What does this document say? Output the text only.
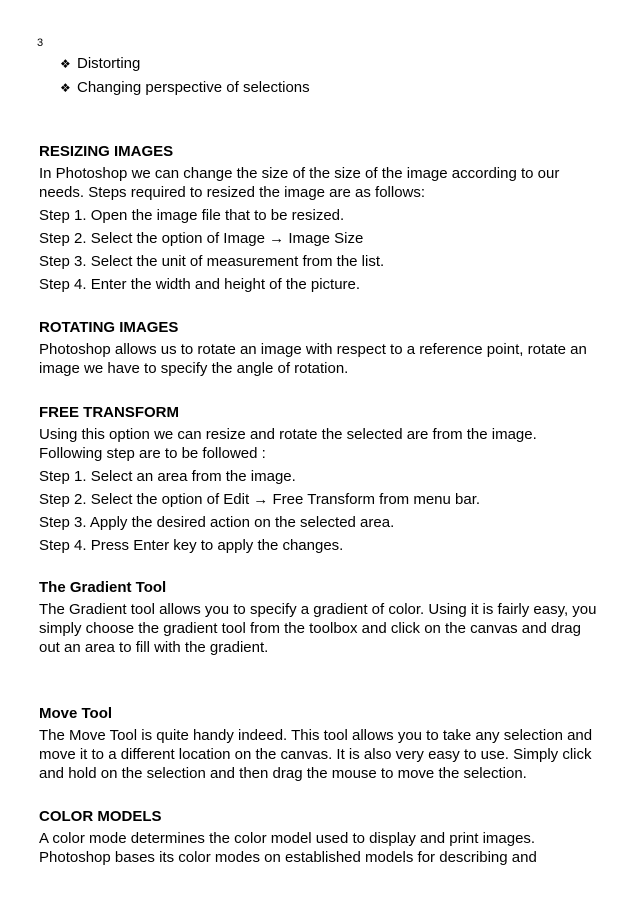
3
❖ Distorting
❖ Changing perspective of selections
RESIZING IMAGES

In Photoshop we can change the size of the size of the image according to our needs. Steps required to resized the image are as follows:

Step 1. Open the image file that to be resized.

Step 2. Select the option of Image → Image Size

Step 3. Select the unit of measurement from the list.

Step 4. Enter the width and height of the picture.

ROTATING IMAGES

Photoshop allows us to rotate an image with respect to a reference point, rotate an image we have to specify the angle of rotation.

FREE TRANSFORM

Using this option we can resize and rotate the selected are from the image. Following step are to be followed :

Step 1. Select an area from the image.

Step 2. Select the option of Edit → Free Transform from menu bar.

Step 3. Apply the desired action on the selected area.

Step 4. Press Enter key to apply the changes.

The Gradient Tool

The Gradient tool allows you to specify a gradient of color. Using it is fairly easy, you simply choose the gradient tool from the toolbox and click on the canvas and drag out an area to fill with the gradient.

Move Tool

The Move Tool is quite handy indeed. This tool allows you to take any selection and move it to a different location on the canvas. It is also very easy to use. Simply click and hold on the selection and then drag the mouse to move the selection.

COLOR MODELS

A color mode determines the color model used to display and print images. Photoshop bases its color modes on established models for describing and
